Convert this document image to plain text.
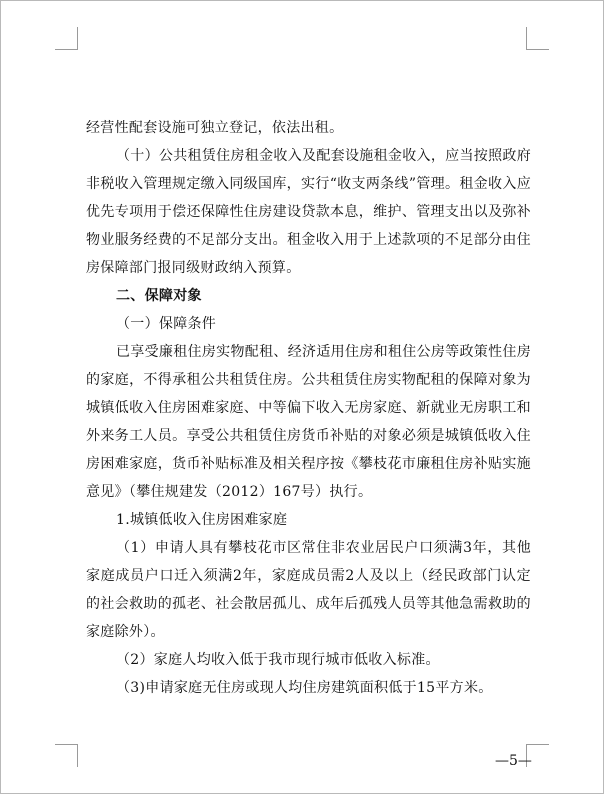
经营性配套设施可独立登记，依法出租。

（十）公共租赁住房租金收入及配套设施租金收入，应当按照政府非税收入管理规定缴入同级国库，实行“收支两条线”管理。租金收入应优先专项用于偿还保障性住房建设贷款本息，维护、管理支出以及弥补物业服务经费的不足部分支出。租金收入用于上述款项的不足部分由住房保障部门报同级财政纳入预算。

二、保障对象

（一）保障条件

已享受廉租住房实物配租、经济适用住房和租住公房等政策性住房的家庭，不得承租公共租赁住房。公共租赁住房实物配租的保障对象为城镇低收入住房困难家庭、中等偏下收入无房家庭、新就业无房职工和外来务工人员。享受公共租赁住房货币补贴的对象必须是城镇低收入住房困难家庭，货币补贴标准及相关程序按《攀枝花市廉租住房补贴实施意见》（攀住规建发（2012）167号）执行。

1.城镇低收入住房困难家庭

（1）申请人具有攀枝花市区常住非农业居民户口须满3年，其他家庭成员户口迁入须满2年，家庭成员需2人及以上（经民政部门认定的社会救助的孤老、社会散居孤儿、成年后孤残人员等其他急需救助的家庭除外）。

（2）家庭人均收入低于我市现行城市低收入标准。

（3)申请家庭无住房或现人均住房建筑面积低于15平方米。

—5—
